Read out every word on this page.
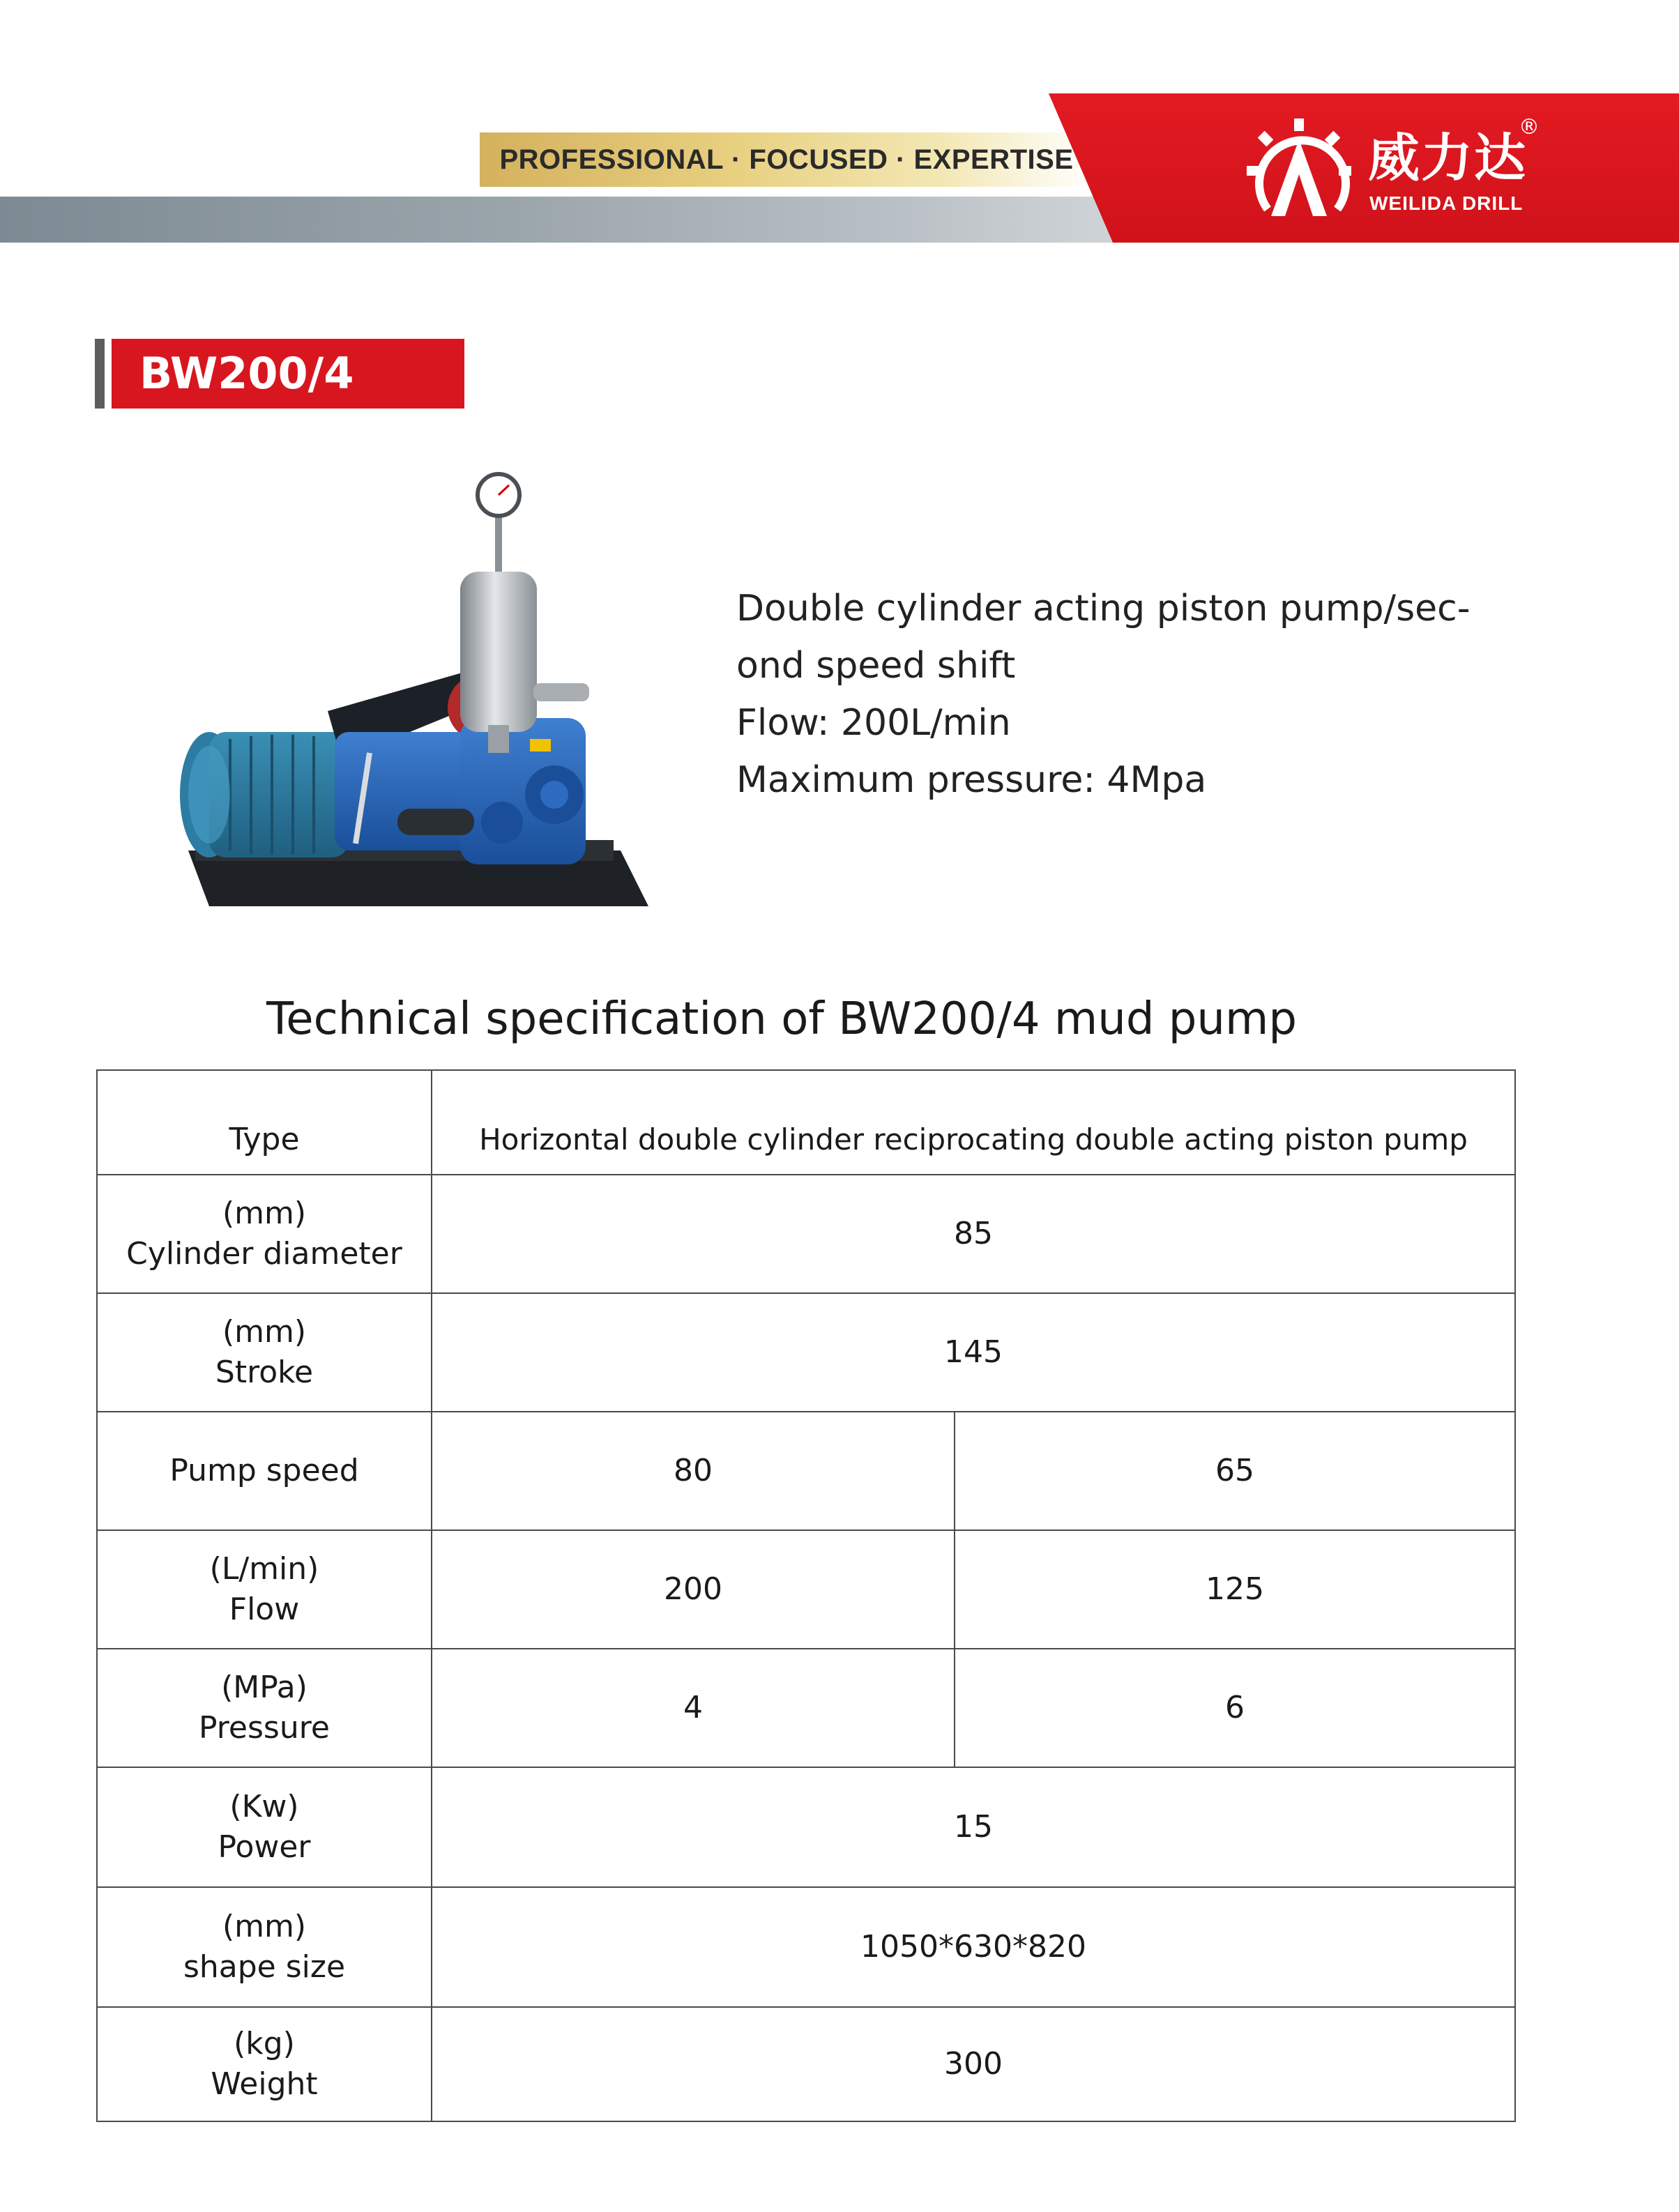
PROFESSIONAL · FOCUSED · EXPERTISE	威力达
®
WEILIDA DRILL
BW200/4
Double cylinder acting piston pump/sec-
ond speed shift
Flow: 200L/min
Maximum pressure: 4Mpa
Technical specification of BW200/4 mud pump
Type	Horizontal double cylinder reciprocating double acting piston pump	

(mm)
Cylinder diameter	85	

(mm)
Stroke	145	

Pump speed	80	65

(L/min)
Flow	200	125

(MPa)
Pressure	4	6

(Kw)
Power	15	

(mm)
shape size	1050*630*820	

(kg)
Weight	300	
